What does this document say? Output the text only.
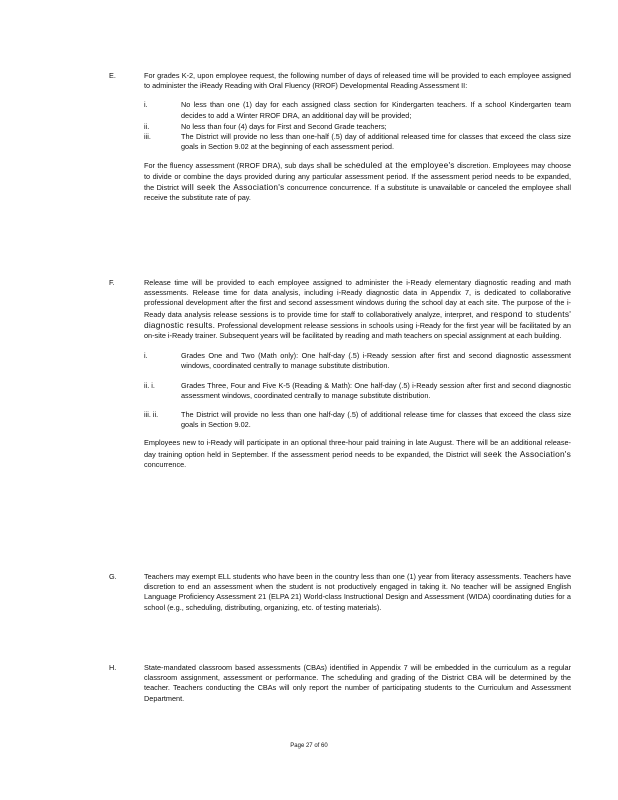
E.	For grades K-2, upon employee request, the following number of days of released time will be provided to each employee assigned to administer the iReady Reading with Oral Fluency (RROF) Developmental Reading Assessment II:

i.	No less than one (1) day for each assigned class section for Kindergarten teachers. If a school Kindergarten team decides to add a Winter RROF DRA, an additional day will be provided;

ii.	No less than four (4) days for First and Second Grade teachers;

iii.	The District will provide no less than one-half (.5) day of additional released time for classes that exceed the class size goals in Section 9.02 at the beginning of each assessment period.

For the fluency assessment (RROF DRA), sub days shall be scheduled at the employee's discretion. Employees may choose to divide or combine the days provided during any particular assessment period. If the assessment period needs to be expanded, the District will seek the Association's concurrence concurrence. If a substitute is unavailable or canceled the employee shall receive the substitute rate of pay.

F.	Release time will be provided to each employee assigned to administer the i-Ready elementary diagnostic reading and math assessments. Release time for data analysis, including i-Ready diagnostic data in Appendix 7, is dedicated to collaborative professional development after the first and second assessment windows during the school day at each site. The purpose of the i-Ready data analysis release sessions is to provide time for staff to collaboratively analyze, interpret, and respond to students' diagnostic results. Professional development release sessions in schools using i-Ready for the first year will be facilitated by an on-site i-Ready trainer. Subsequent years will be facilitated by reading and math teachers on special assignment at each building.

i.	Grades One and Two (Math only): One half-day (.5) i-Ready session after first and second diagnostic assessment windows, coordinated centrally to manage substitute distribution.

ii. i.	Grades Three, Four and Five K-5 (Reading & Math): One half-day (.5) i-Ready session after first and second diagnostic assessment windows, coordinated centrally to manage substitute distribution.

iii. ii.	The District will provide no less than one half-day (.5) of additional release time for classes that exceed the class size goals in Section 9.02.

Employees new to i-Ready will participate in an optional three-hour paid training in late August. There will be an additional release-day training option held in September. If the assessment period needs to be expanded, the District will seek the Association's concurrence.

G.	Teachers may exempt ELL students who have been in the country less than one (1) year from literacy assessments. Teachers have discretion to end an assessment when the student is not productively engaged in taking it. No teacher will be assigned English Language Proficiency Assessment 21 (ELPA 21) World-class Instructional Design and Assessment (WIDA) coordinating duties for a school (e.g., scheduling, distributing, organizing, etc. of testing materials).

H.	State-mandated classroom based assessments (CBAs) identified in Appendix 7 will be embedded in the curriculum as a regular classroom assignment, assessment or performance. The scheduling and grading of the District CBA will be determined by the teacher. Teachers conducting the CBAs will only report the number of participating students to the Curriculum and Assessment Department.

Page 27 of 60
